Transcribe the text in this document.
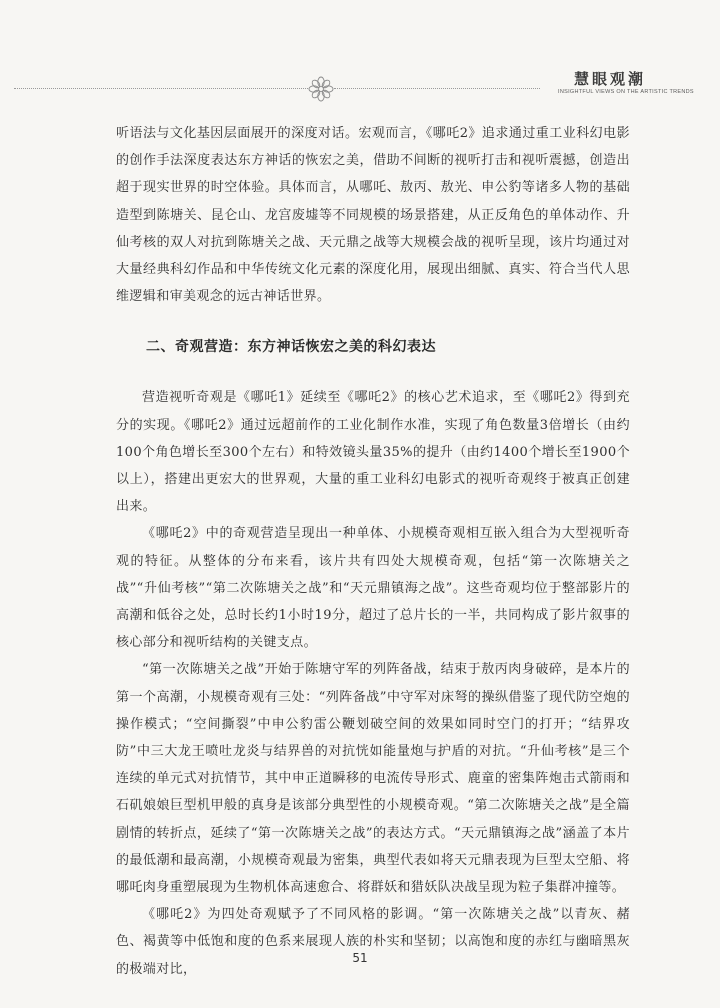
慧眼观潮
INSIGHTFUL VIEWS ON THE ARTISTIC TRENDS

听语法与文化基因层面展开的深度对话。宏观而言，《哪吒2》追求通过重工业科幻电影的创作手法深度表达东方神话的恢宏之美，借助不间断的视听打击和视听震撼，创造出超于现实世界的时空体验。具体而言，从哪吒、敖丙、敖光、申公豹等诸多人物的基础造型到陈塘关、昆仑山、龙宫废墟等不同规模的场景搭建，从正反角色的单体动作、升仙考核的双人对抗到陈塘关之战、天元鼎之战等大规模会战的视听呈现，该片均通过对大量经典科幻作品和中华传统文化元素的深度化用，展现出细腻、真实、符合当代人思维逻辑和审美观念的远古神话世界。

二、奇观营造：东方神话恢宏之美的科幻表达

营造视听奇观是《哪吒1》延续至《哪吒2》的核心艺术追求，至《哪吒2》得到充分的实现。《哪吒2》通过远超前作的工业化制作水准，实现了角色数量3倍增长（由约100个角色增长至300个左右）和特效镜头量35%的提升（由约1400个增长至1900个以上），搭建出更宏大的世界观，大量的重工业科幻电影式的视听奇观终于被真正创建出来。

《哪吒2》中的奇观营造呈现出一种单体、小规模奇观相互嵌入组合为大型视听奇观的特征。从整体的分布来看，该片共有四处大规模奇观，包括“第一次陈塘关之战”“升仙考核”“第二次陈塘关之战”和“天元鼎镇海之战”。这些奇观均位于整部影片的高潮和低谷之处，总时长约1小时19分，超过了总片长的一半，共同构成了影片叙事的核心部分和视听结构的关键支点。

“第一次陈塘关之战”开始于陈塘守军的列阵备战，结束于敖丙肉身破碎，是本片的第一个高潮，小规模奇观有三处：“列阵备战”中守军对床弩的操纵借鉴了现代防空炮的操作模式；“空间撕裂”中申公豹雷公鞭划破空间的效果如同时空门的打开；“结界攻防”中三大龙王喷吐龙炎与结界兽的对抗恍如能量炮与护盾的对抗。“升仙考核”是三个连续的单元式对抗情节，其中申正道瞬移的电流传导形式、鹿童的密集阵炮击式箭雨和石矶娘娘巨型机甲般的真身是该部分典型性的小规模奇观。“第二次陈塘关之战”是全篇剧情的转折点，延续了“第一次陈塘关之战”的表达方式。“天元鼎镇海之战”涵盖了本片的最低潮和最高潮，小规模奇观最为密集，典型代表如将天元鼎表现为巨型太空船、将哪吒肉身重塑展现为生物机体高速愈合、将群妖和猎妖队决战呈现为粒子集群冲撞等。

《哪吒2》为四处奇观赋予了不同风格的影调。“第一次陈塘关之战”以青灰、赭色、褐黄等中低饱和度的色系来展现人族的朴实和坚韧；以高饱和度的赤红与幽暗黑灰的极端对比，

51
